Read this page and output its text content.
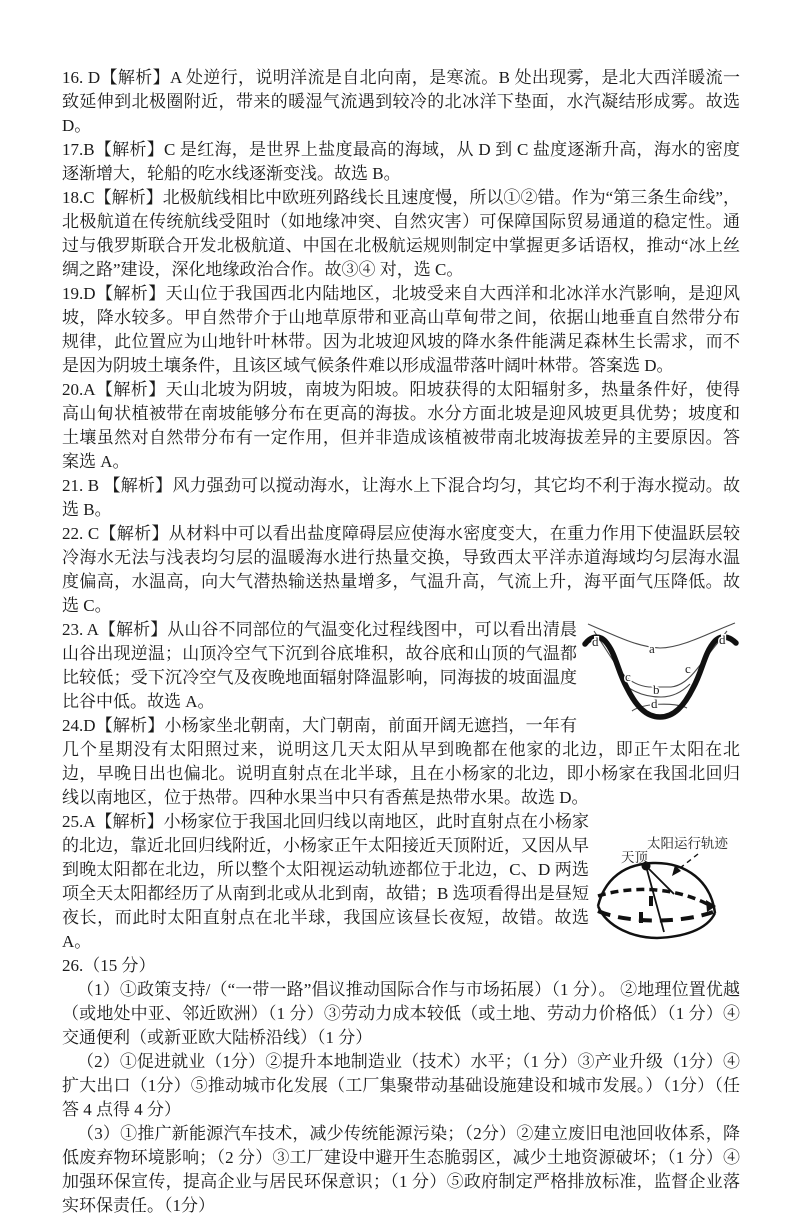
16. D【解析】A 处逆行，说明洋流是自北向南，是寒流。B 处出现雾，是北大西洋暖流一致延伸到北极圈附近，带来的暖湿气流遇到较冷的北冰洋下垫面，水汽凝结形成雾。故选 D。

17.B【解析】C 是红海，是世界上盐度最高的海域，从 D 到 C 盐度逐渐升高，海水的密度逐渐增大，轮船的吃水线逐渐变浅。故选 B。

18.C【解析】北极航线相比中欧班列路线长且速度慢，所以①②错。作为“第三条生命线”，北极航道在传统航线受阻时（如地缘冲突、自然灾害）可保障国际贸易通道的稳定性。通过与俄罗斯联合开发北极航道、中国在北极航运规则制定中掌握更多话语权，推动“冰上丝绸之路”建设，深化地缘政治合作。故③④ 对，选 C。

19.D【解析】天山位于我国西北内陆地区，北坡受来自大西洋和北冰洋水汽影响，是迎风坡，降水较多。甲自然带介于山地草原带和亚高山草甸带之间，依据山地垂直自然带分布规律，此位置应为山地针叶林带。因为北坡迎风坡的降水条件能满足森林生长需求，而不是因为阴坡土壤条件，且该区域气候条件难以形成温带落叶阔叶林带。答案选 D。

20.A【解析】天山北坡为阴坡，南坡为阳坡。阳坡获得的太阳辐射多，热量条件好，使得高山甸状植被带在南坡能够分布在更高的海拔。水分方面北坡是迎风坡更具优势；坡度和土壤虽然对自然带分布有一定作用，但并非造成该植被带南北坡海拔差异的主要原因。答案选 A。

21. B 【解析】风力强劲可以搅动海水，让海水上下混合均匀，其它均不利于海水搅动。故选 B。

22. C【解析】从材料中可以看出盐度障碍层应使海水密度变大，在重力作用下使温跃层较冷海水无法与浅表均匀层的温暖海水进行热量交换，导致西太平洋赤道海域均匀层海水温度偏高，水温高，向大气潜热输送热量增多，气温升高，气流上升，海平面气压降低。故选 C。

a
c
c
b
d
d	d

23. A【解析】从山谷不同部位的气温变化过程线图中，可以看出清晨山谷出现逆温；山顶冷空气下沉到谷底堆积，故谷底和山顶的气温都比较低；受下沉冷空气及夜晚地面辐射降温影响，同海拔的坡面温度比谷中低。故选 A。

24.D【解析】小杨家坐北朝南，大门朝南，前面开阔无遮挡，一年有几个星期没有太阳照过来，说明这几天太阳从早到晚都在他家的北边，即正午太阳在北边，早晚日出也偏北。说明直射点在北半球，且在小杨家的北边，即小杨家在我国北回归线以南地区，位于热带。四种水果当中只有香蕉是热带水果。故选 D。

太阳运行轨迹
天顶

25.A【解析】小杨家位于我国北回归线以南地区，此时直射点在小杨家的北边，靠近北回归线附近，小杨家正午太阳接近天顶附近，又因从早到晚太阳都在北边，所以整个太阳视运动轨迹都位于北边，C、D 两选项全天太阳都经历了从南到北或从北到南，故错；B 选项看得出是昼短夜长，而此时太阳直射点在北半球，我国应该昼长夜短，故错。故选 A。

26.（15 分）

（1）①政策支持/（“一带一路”倡议推动国际合作与市场拓展）（1 分）。 ②地理位置优越（或地处中亚、邻近欧洲）（1 分）③劳动力成本较低（或土地、劳动力价格低）（1 分）④交通便利（或新亚欧大陆桥沿线）（1 分）

（2）①促进就业（1分）②提升本地制造业（技术）水平；（1 分）③产业升级（1分）④扩大出口（1分）⑤推动城市化发展（工厂集聚带动基础设施建设和城市发展。）（1分）（任答 4 点得 4 分）

（3）①推广新能源汽车技术，减少传统能源污染；（2分）②建立废旧电池回收体系，降低废弃物环境影响；（2 分）③工厂建设中避开生态脆弱区，减少土地资源破坏；（1 分）④加强环保宣传，提高企业与居民环保意识；（1 分）⑤政府制定严格排放标准，监督企业落实环保责任。（1分）
